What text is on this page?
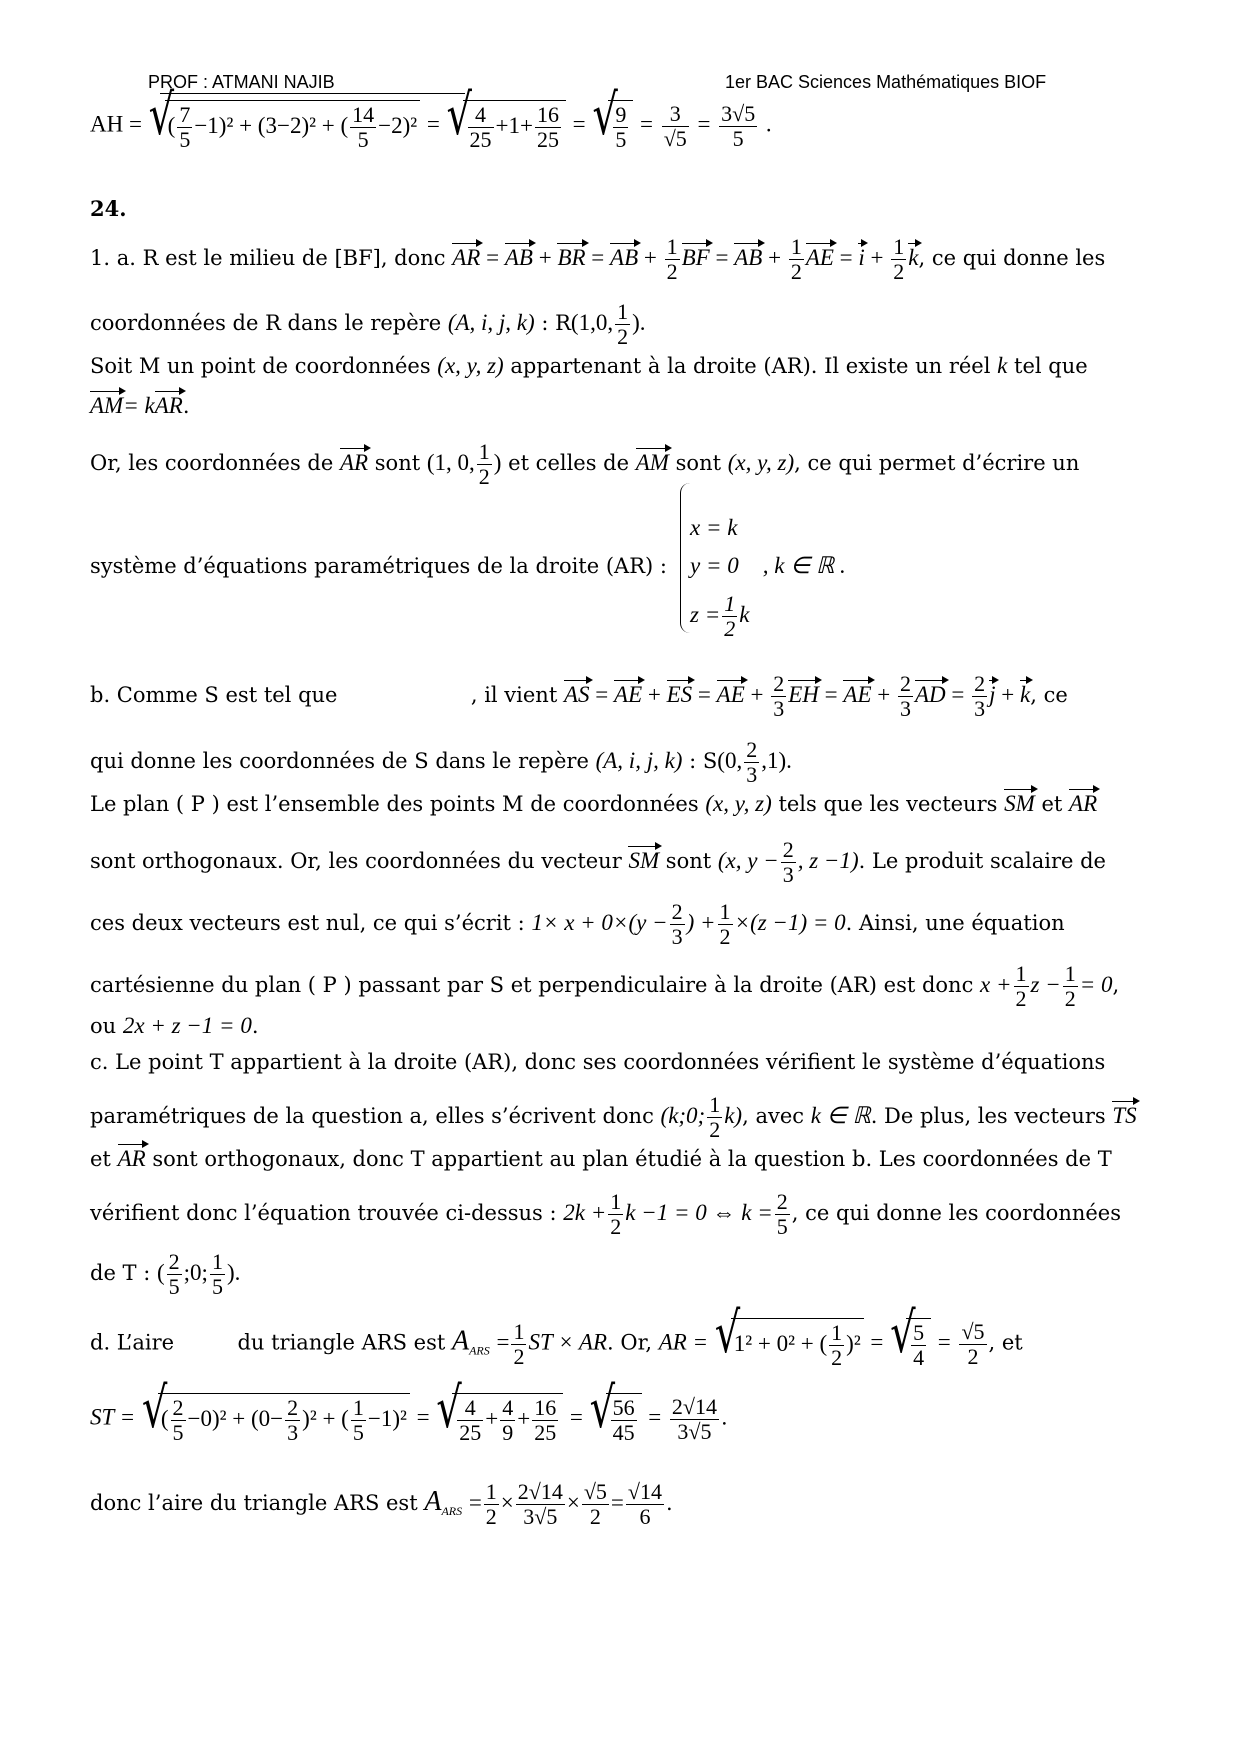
PROF : ATMANI NAJIB	1er BAC Sciences Mathématiques BIOF
AH = √ ( $\frac{7}{5} -1)^2 + (3-2)^2$ + ( $\frac{14}{5} -2)^2$ = √ $\frac{4}{25} +1+ \frac{16}{25}$ = √ $\frac{9}{5} = \frac{3}{√5} = \frac{3√5}{5}$ .
24.
1. a. R est le milieu de [BF], donc AR = AB + BR = AB + $\frac{1}{2}$ BF = AB + $\frac{1}{2}$ AE = $i + \frac{1}{2} k$, ce qui donne les
coordonnées de R dans le repère (A, i, j, k) : R(1,0, $\frac{1}{2}$ ).
Soit M un point de coordonnées (x, y, z) appartenant à la droite (AR). Il existe un réel k tel que
AM= kAR.
Or, les coordonnées de AR sont (1, 0, $\frac{1}{2}$ ) et celles de AM sont (x, y, z), ce qui permet d’écrire un
système d’équations paramétriques de la droite (AR) :
x = k
y = 0 , k ∈ ℝ .
$z = \frac{1}{2}$ k
b. Comme S est tel que	, il vient AS = AE + ES = AE + $\frac{2}{3}$ EH = AE + $\frac{2}{3}$ AD = $\frac{2}{3}$ j + k, ce
qui donne les coordonnées de S dans le repère (A, i, j, k) : S(0, $\frac{2}{3} ,1$).
Le plan ( P ) est l’ensemble des points M de coordonnées (x, y, z) tels que les vecteurs SM et AR
sont orthogonaux. Or, les coordonnées du vecteur SM sont (x, $y - \frac{2}{3}$ , z −1). Le produit scalaire de
ces deux vecteurs est nul, ce qui s’écrit : $1\times x + 0\times(y - \frac{2}{3}$ ) + $\frac{1}{2} \times(z -1) = 0$. Ainsi, une équation
cartésienne du plan ( P ) passant par S et perpendiculaire à la droite (AR) est donc $x + \frac{1}{2}$ $z - \frac{1}{2} = 0$,
ou 2x + z −1 = 0.
c. Le point T appartient à la droite (AR), donc ses coordonnées vérifient le système d’équations
paramétriques de la question a, elles s’écrivent donc (k;0; $\frac{1}{2} k$), avec k ∈ ℝ. De plus, les vecteurs TS
et AR sont orthogonaux, donc T appartient au plan étudié à la question b. Les coordonnées de T
vérifient donc l’équation trouvée ci-dessus : $2k + \frac{1}{2}$ k −1 = 0 ⇔ $k = \frac{2}{5}$ , ce qui donne les coordonnées
de T : ( $\frac{2}{5}$ ;0; $\frac{1}{5}$ ).
d. L’aire	du triangle ARS est $A_{ARS} = \frac{1}{2}$ ST × AR. Or, AR = √ 1² + 0² + ( $\frac{1}{2} )^2$ = √ $\frac{5}{4} = \frac{√5}{2}$ , et
ST = √ ( $\frac{2}{5} -0)^2 + (0- \frac{2}{3} )^2$ + ( $\frac{1}{5} -1)^2$ = √ $\frac{4}{25} + \frac{4}{9} + \frac{16}{25}$ = √ $\frac{56}{45} = \frac{2√14}{3√5}$ .
donc l’aire du triangle ARS est $A_{ARS} = \frac{1}{2} \times \frac{2√14}{3√5} \times \frac{√5}{2} = \frac{√14}{6}$ .
